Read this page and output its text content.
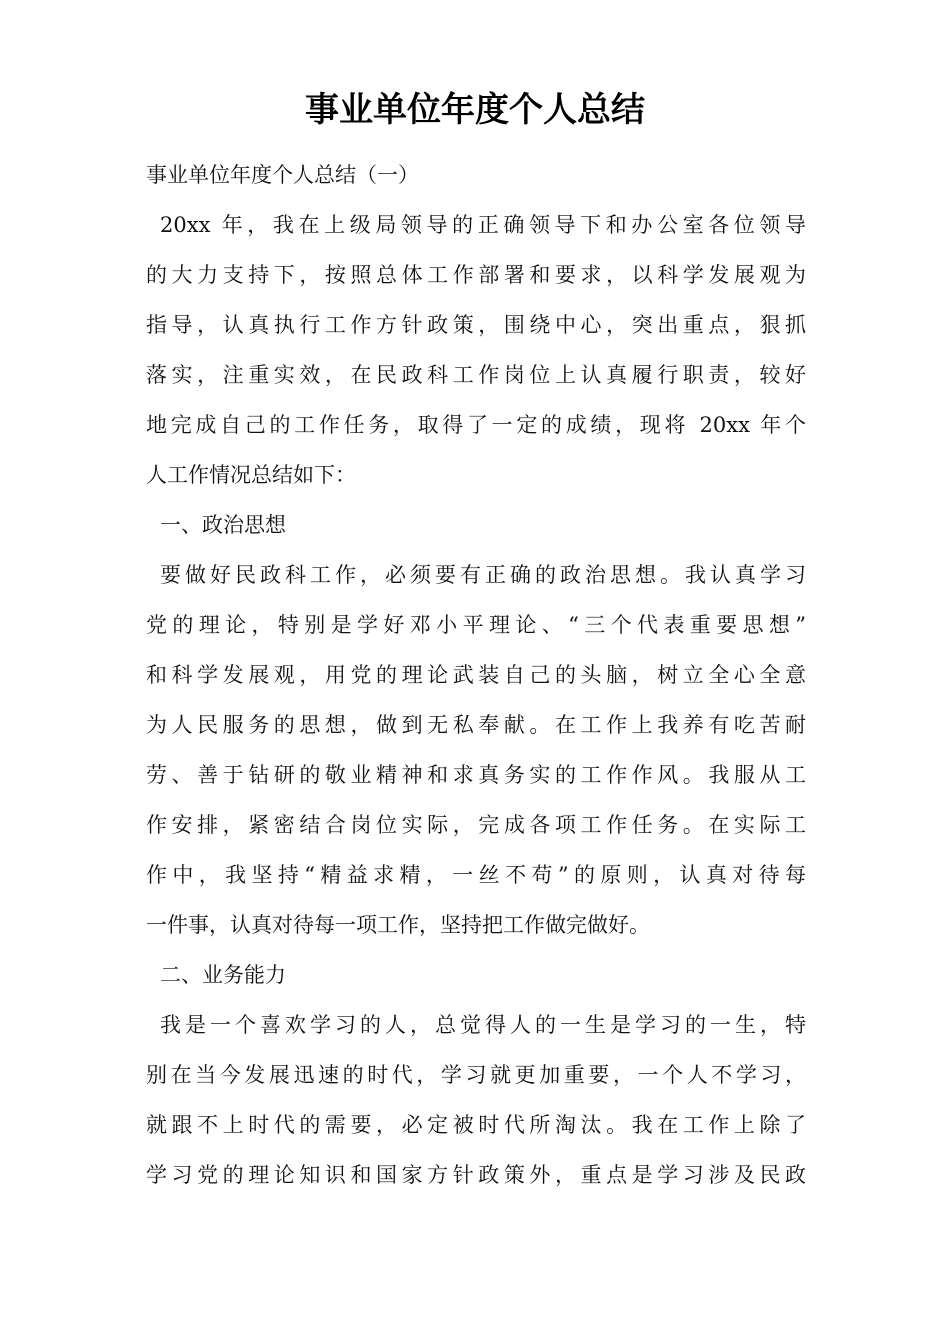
事业单位年度个人总结
事业单位年度个人总结（一）
20xx 年，我在上级局领导的正确领导下和办公室各位领导
的大力支持下，按照总体工作部署和要求，以科学发展观为
指导，认真执行工作方针政策，围绕中心，突出重点，狠抓
落实，注重实效，在民政科工作岗位上认真履行职责，较好
地完成自己的工作任务，取得了一定的成绩，现将 20xx 年个
人工作情况总结如下：
一、政治思想
要做好民政科工作，必须要有正确的政治思想。我认真学习
党的理论，特别是学好邓小平理论、“三个代表重要思想”
和科学发展观，用党的理论武装自己的头脑，树立全心全意
为人民服务的思想，做到无私奉献。在工作上我养有吃苦耐
劳、善于钻研的敬业精神和求真务实的工作作风。我服从工
作安排，紧密结合岗位实际，完成各项工作任务。在实际工
作中，我坚持“精益求精，一丝不苟”的原则，认真对待每
一件事，认真对待每一项工作，坚持把工作做完做好。
二、业务能力
我是一个喜欢学习的人，总觉得人的一生是学习的一生，特
别在当今发展迅速的时代，学习就更加重要，一个人不学习，
就跟不上时代的需要，必定被时代所淘汰。我在工作上除了
学习党的理论知识和国家方针政策外，重点是学习涉及民政
